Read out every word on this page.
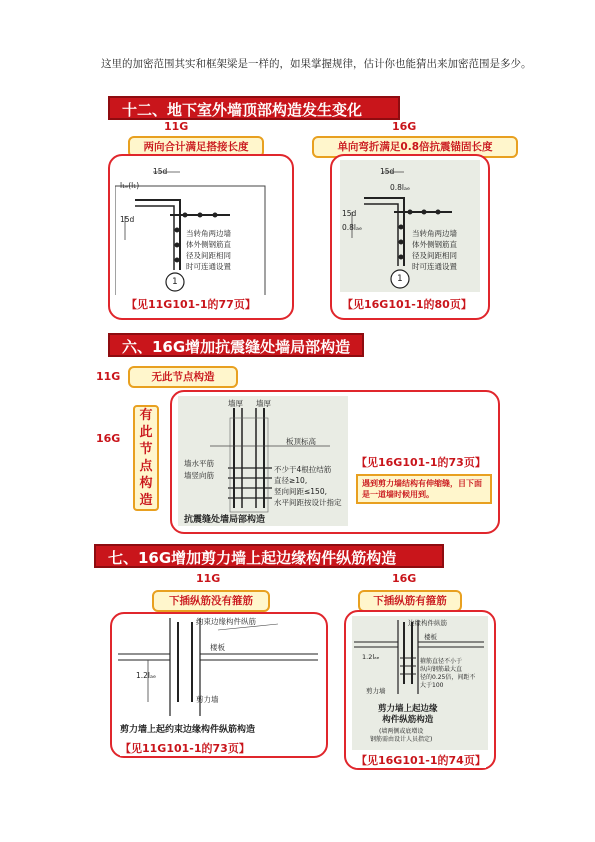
这里的加密范围其实和框架梁是一样的，如果掌握规律，估计你也能猜出来加密范围是多少。
十二、地下室外墙顶部构造发生变化
11G	16G
两向合计满足搭接长度	单向弯折满足0.8倍抗震锚固长度
15d
l₁ₑ(l₁)
15d
当转角两边墙
体外侧钢筋直
径及间距相同
时可连通设置
1
【见11G101-1的77页】
15d
0.8lₐₑ
15d
0.8lₐₑ
当转角两边墙
体外侧钢筋直
径及间距相同
时可连通设置
1
【见16G101-1的80页】
六、16G增加抗震缝处墙局部构造
11G	无此节点构造
16G
有
此
节
点
构
造
墙厚 墙厚
板顶标高
墙水平筋
墙竖向筋
不少于4根拉结筋
直径≥10,
竖向间距≤150,
水平间距按设计指定
抗震缝处墙局部构造
【见16G101-1的73页】
遇到剪力墙结构有伸缩缝，目下面是一道墙时候用到。
七、16G增加剪力墙上起边缘构件纵筋构造
11G	16G
下插纵筋没有箍筋	下插纵筋有箍筋
约束边缘构件纵筋
楼板
1.2lₐₑ
剪力墙
剪力墙上起约束边缘构件纵筋构造
【见11G101-1的73页】
边缘构件纵筋
楼板
1.2lₐₑ
箍筋直径不小于
纵向钢筋最大直
径的0.25倍，间距不
大于100
剪力墙
剪力墙上起边缘
构件纵筋构造
(墙两侧或底增设
钢筋需由设计人员指定)
【见16G101-1的74页】
